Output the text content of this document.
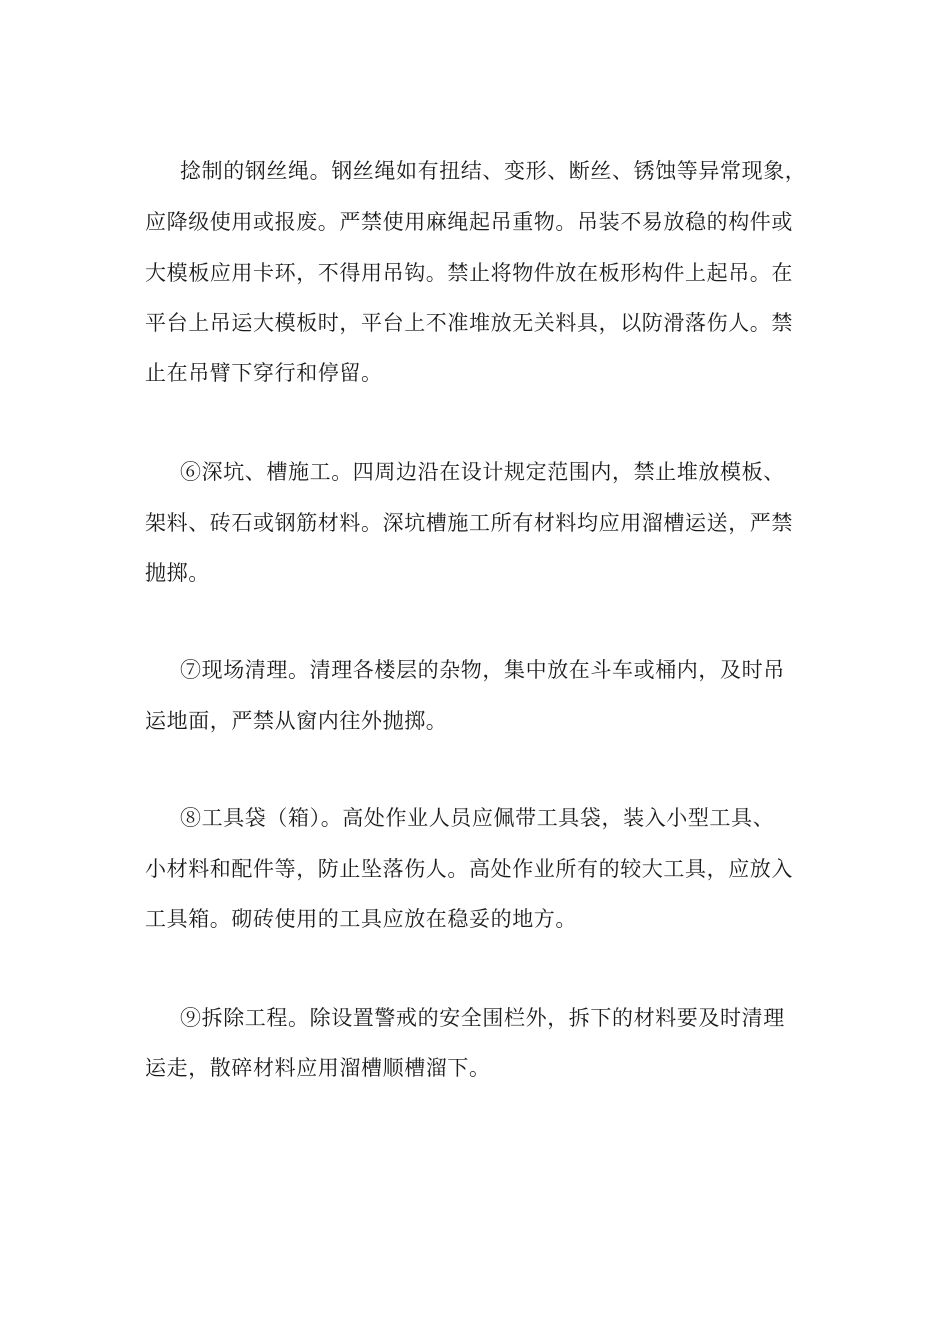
捻制的钢丝绳。钢丝绳如有扭结、变形、断丝、锈蚀等异常现象，
应降级使用或报废。严禁使用麻绳起吊重物。吊装不易放稳的构件或
大模板应用卡环，不得用吊钩。禁止将物件放在板形构件上起吊。在
平台上吊运大模板时，平台上不准堆放无关料具，以防滑落伤人。禁
止在吊臂下穿行和停留。
⑥深坑、槽施工。四周边沿在设计规定范围内，禁止堆放模板、
架料、砖石或钢筋材料。深坑槽施工所有材料均应用溜槽运送，严禁
抛掷。
⑦现场清理。清理各楼层的杂物，集中放在斗车或桶内，及时吊
运地面，严禁从窗内往外抛掷。
⑧工具袋（箱）。高处作业人员应佩带工具袋，装入小型工具、
小材料和配件等，防止坠落伤人。高处作业所有的较大工具，应放入
工具箱。砌砖使用的工具应放在稳妥的地方。
⑨拆除工程。除设置警戒的安全围栏外，拆下的材料要及时清理
运走，散碎材料应用溜槽顺槽溜下。
